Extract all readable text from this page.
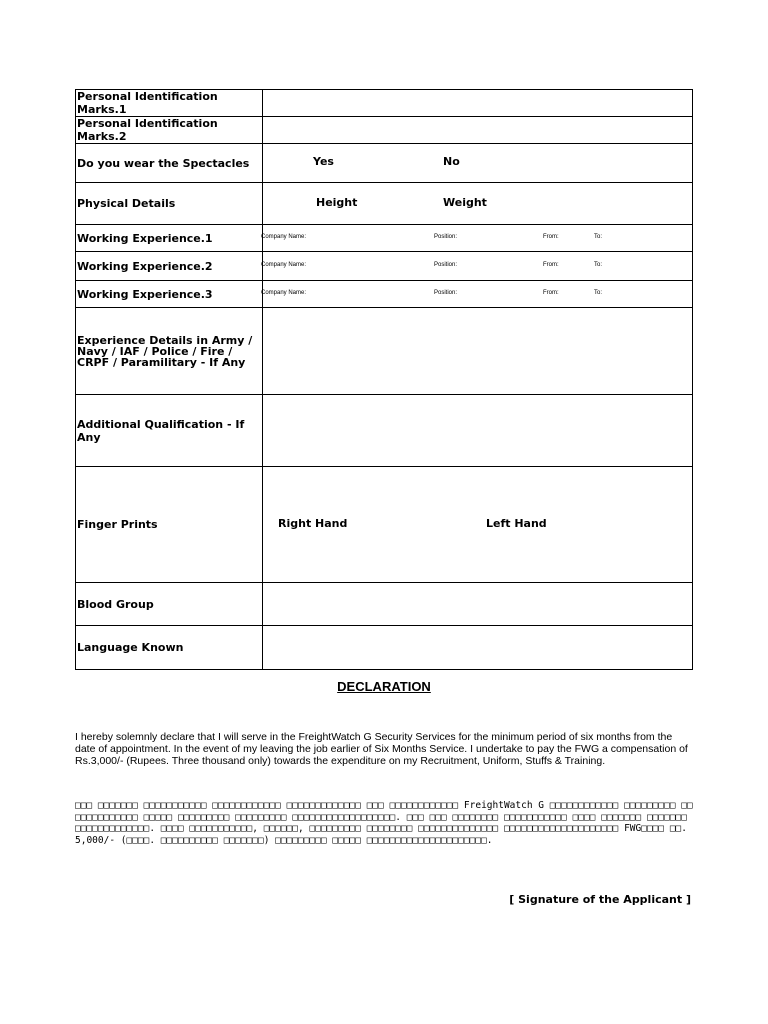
Personal Identification Marks.1	
Personal Identification Marks.2	
Do you wear the Spectacles	Yes No

Physical Details	Height Weight

Working Experience.1	Company Name: Position: From: To:

Working Experience.2	Company Name: Position: From: To:

Working Experience.3	Company Name: Position: From: To:

Experience Details in Army / Navy / IAF / Police / Fire / CRPF / Paramilitary - If Any	

Additional Qualification - If Any	
Finger Prints	Right Hand Left Hand

Blood Group	
Language Known	
DECLARATION
I hereby solemnly declare that I will serve in the FreightWatch G Security Services for the minimum period of six months from the date of appointment. In the event of my leaving the job earlier of Six Months Service. I undertake to pay the FWG a compensation of Rs.3,000/- (Rupees. Three thousand only) towards the expenditure on my Recruitment, Uniform, Stuffs & Training.
□□□ □□□□□□□ □□□□□□□□□□□ □□□□□□□□□□□□ □□□□□□□□□□□□□ □□□ □□□□□□□□□□□□ FreightWatch G □□□□□□□□□□□□ □□□□□□□□□ □□□□□□□□□□□□□ □□□□□ □□□□□□□□□ □□□□□□□□□ □□□□□□□□□□□□□□□□□□. □□□ □□□ □□□□□□□□ □□□□□□□□□□□ □□□□ □□□□□□□ □□□□□□□ □□□□□□□□□□□□□. □□□□ □□□□□□□□□□□, □□□□□□, □□□□□□□□□ □□□□□□□□ □□□□□□□□□□□□□□ □□□□□□□□□□□□□□□□□□□□ FWG□□□□ □□.5,000/- (□□□□. □□□□□□□□□□ □□□□□□□) □□□□□□□□□ □□□□□ □□□□□□□□□□□□□□□□□□□□□.
[ Signature of the Applicant ]
